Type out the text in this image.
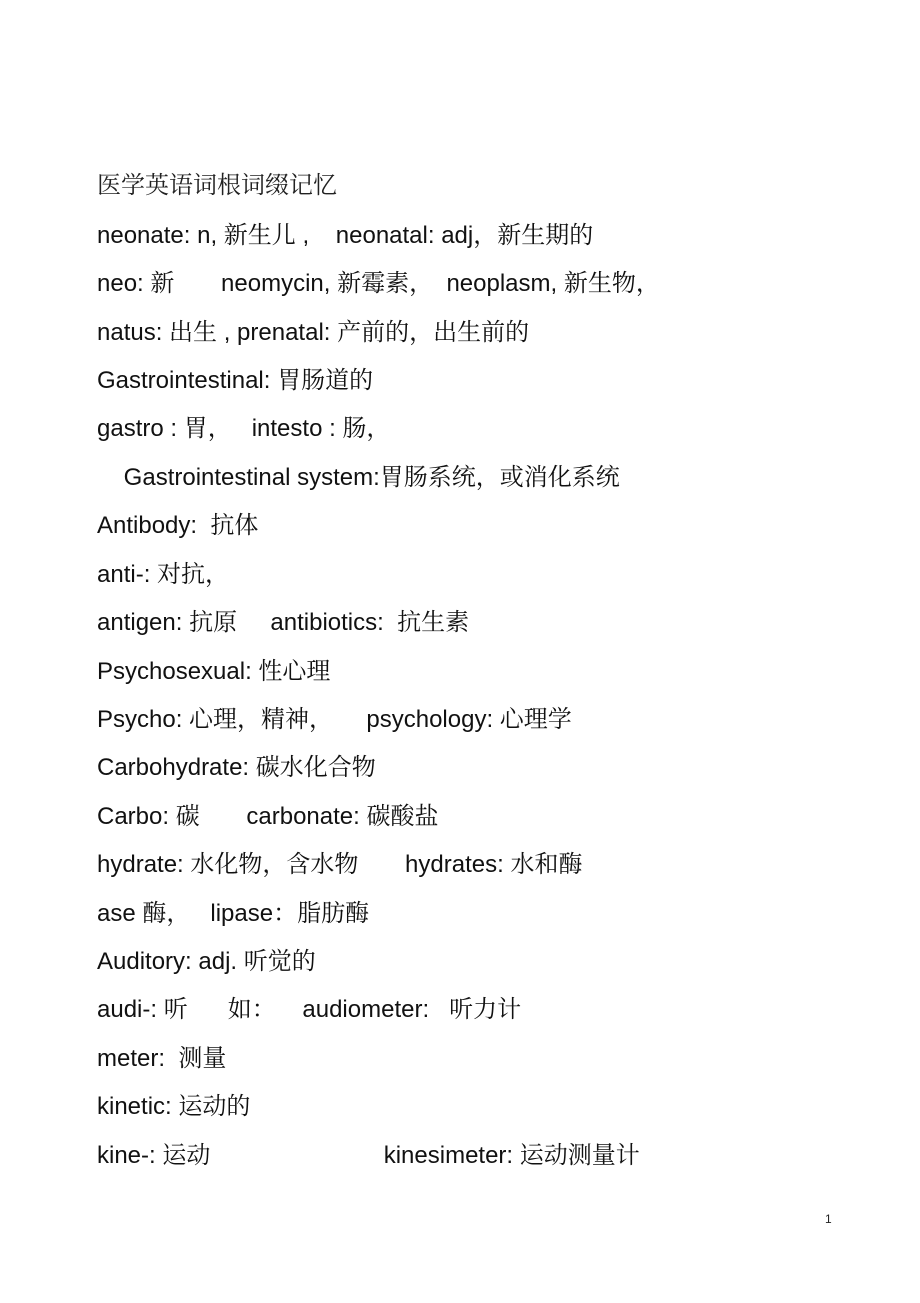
医学英语词根词缀记忆
neonate: n, 新生儿 ,    neonatal: adj，新生期的
neo: 新       neomycin, 新霉素，  neoplasm, 新生物，
natus: 出生 , prenatal: 产前的，出生前的
Gastrointestinal: 胃肠道的
gastro : 胃，   intesto : 肠，
Gastrointestinal system:胃肠系统，或消化系统
Antibody:  抗体
anti-: 对抗，
antigen: 抗原     antibiotics:  抗生素
Psychosexual: 性心理
Psycho: 心理，精神，     psychology: 心理学
Carbohydrate: 碳水化合物
Carbo: 碳       carbonate: 碳酸盐
hydrate: 水化物，含水物       hydrates: 水和酶
ase 酶，   lipase：脂肪酶
Auditory: adj. 听觉的
audi-: 听      如：    audiometer:   听力计
meter:  测量
kinetic: 运动的
kine-: 运动                          kinesimeter: 运动测量计
1
